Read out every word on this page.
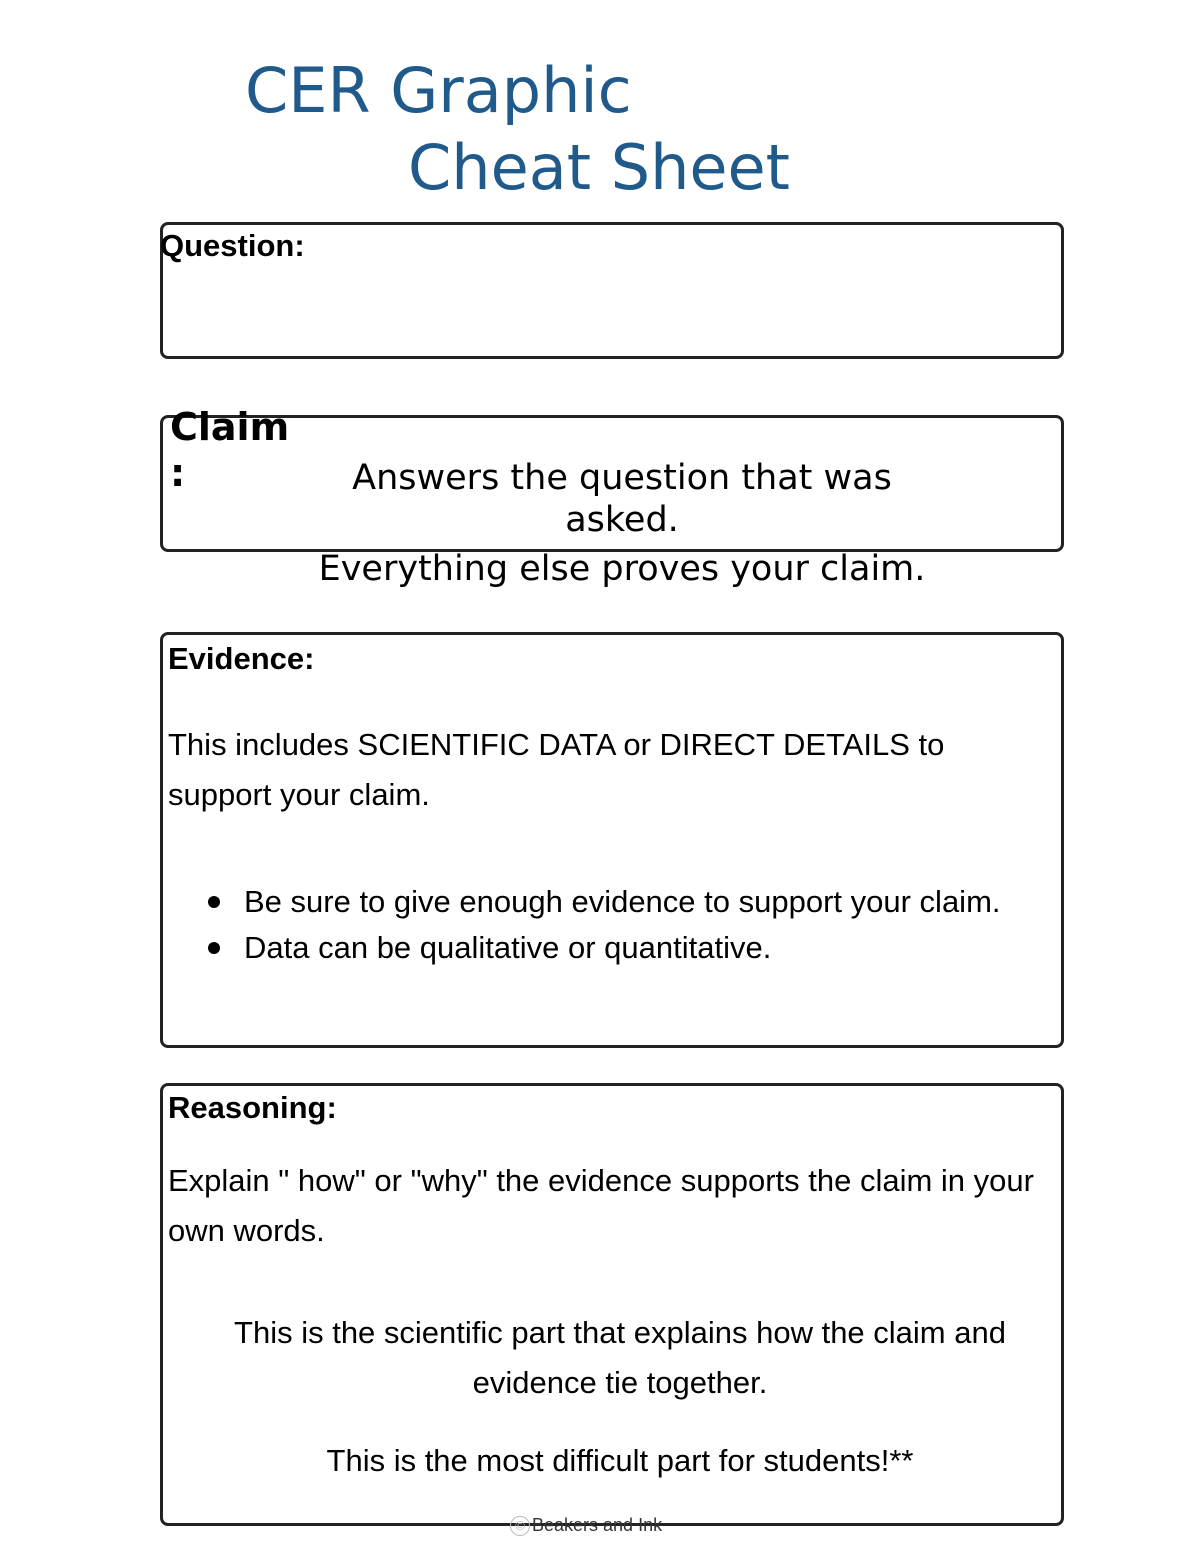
CER Graphic
Cheat Sheet
Question:
Claim
:	Answers the question that was asked.
Everything else proves your claim.
Evidence:
This includes SCIENTIFIC DATA or DIRECT DETAILS to support your claim.
Be sure to give enough evidence to support your claim.
Data can be qualitative or quantitative.
Reasoning:
Explain " how" or "why" the evidence supports the claim in your own words.
This is the scientific part that explains how the claim and evidence tie together.
This is the most difficult part for students!**
© Beakers and Ink
